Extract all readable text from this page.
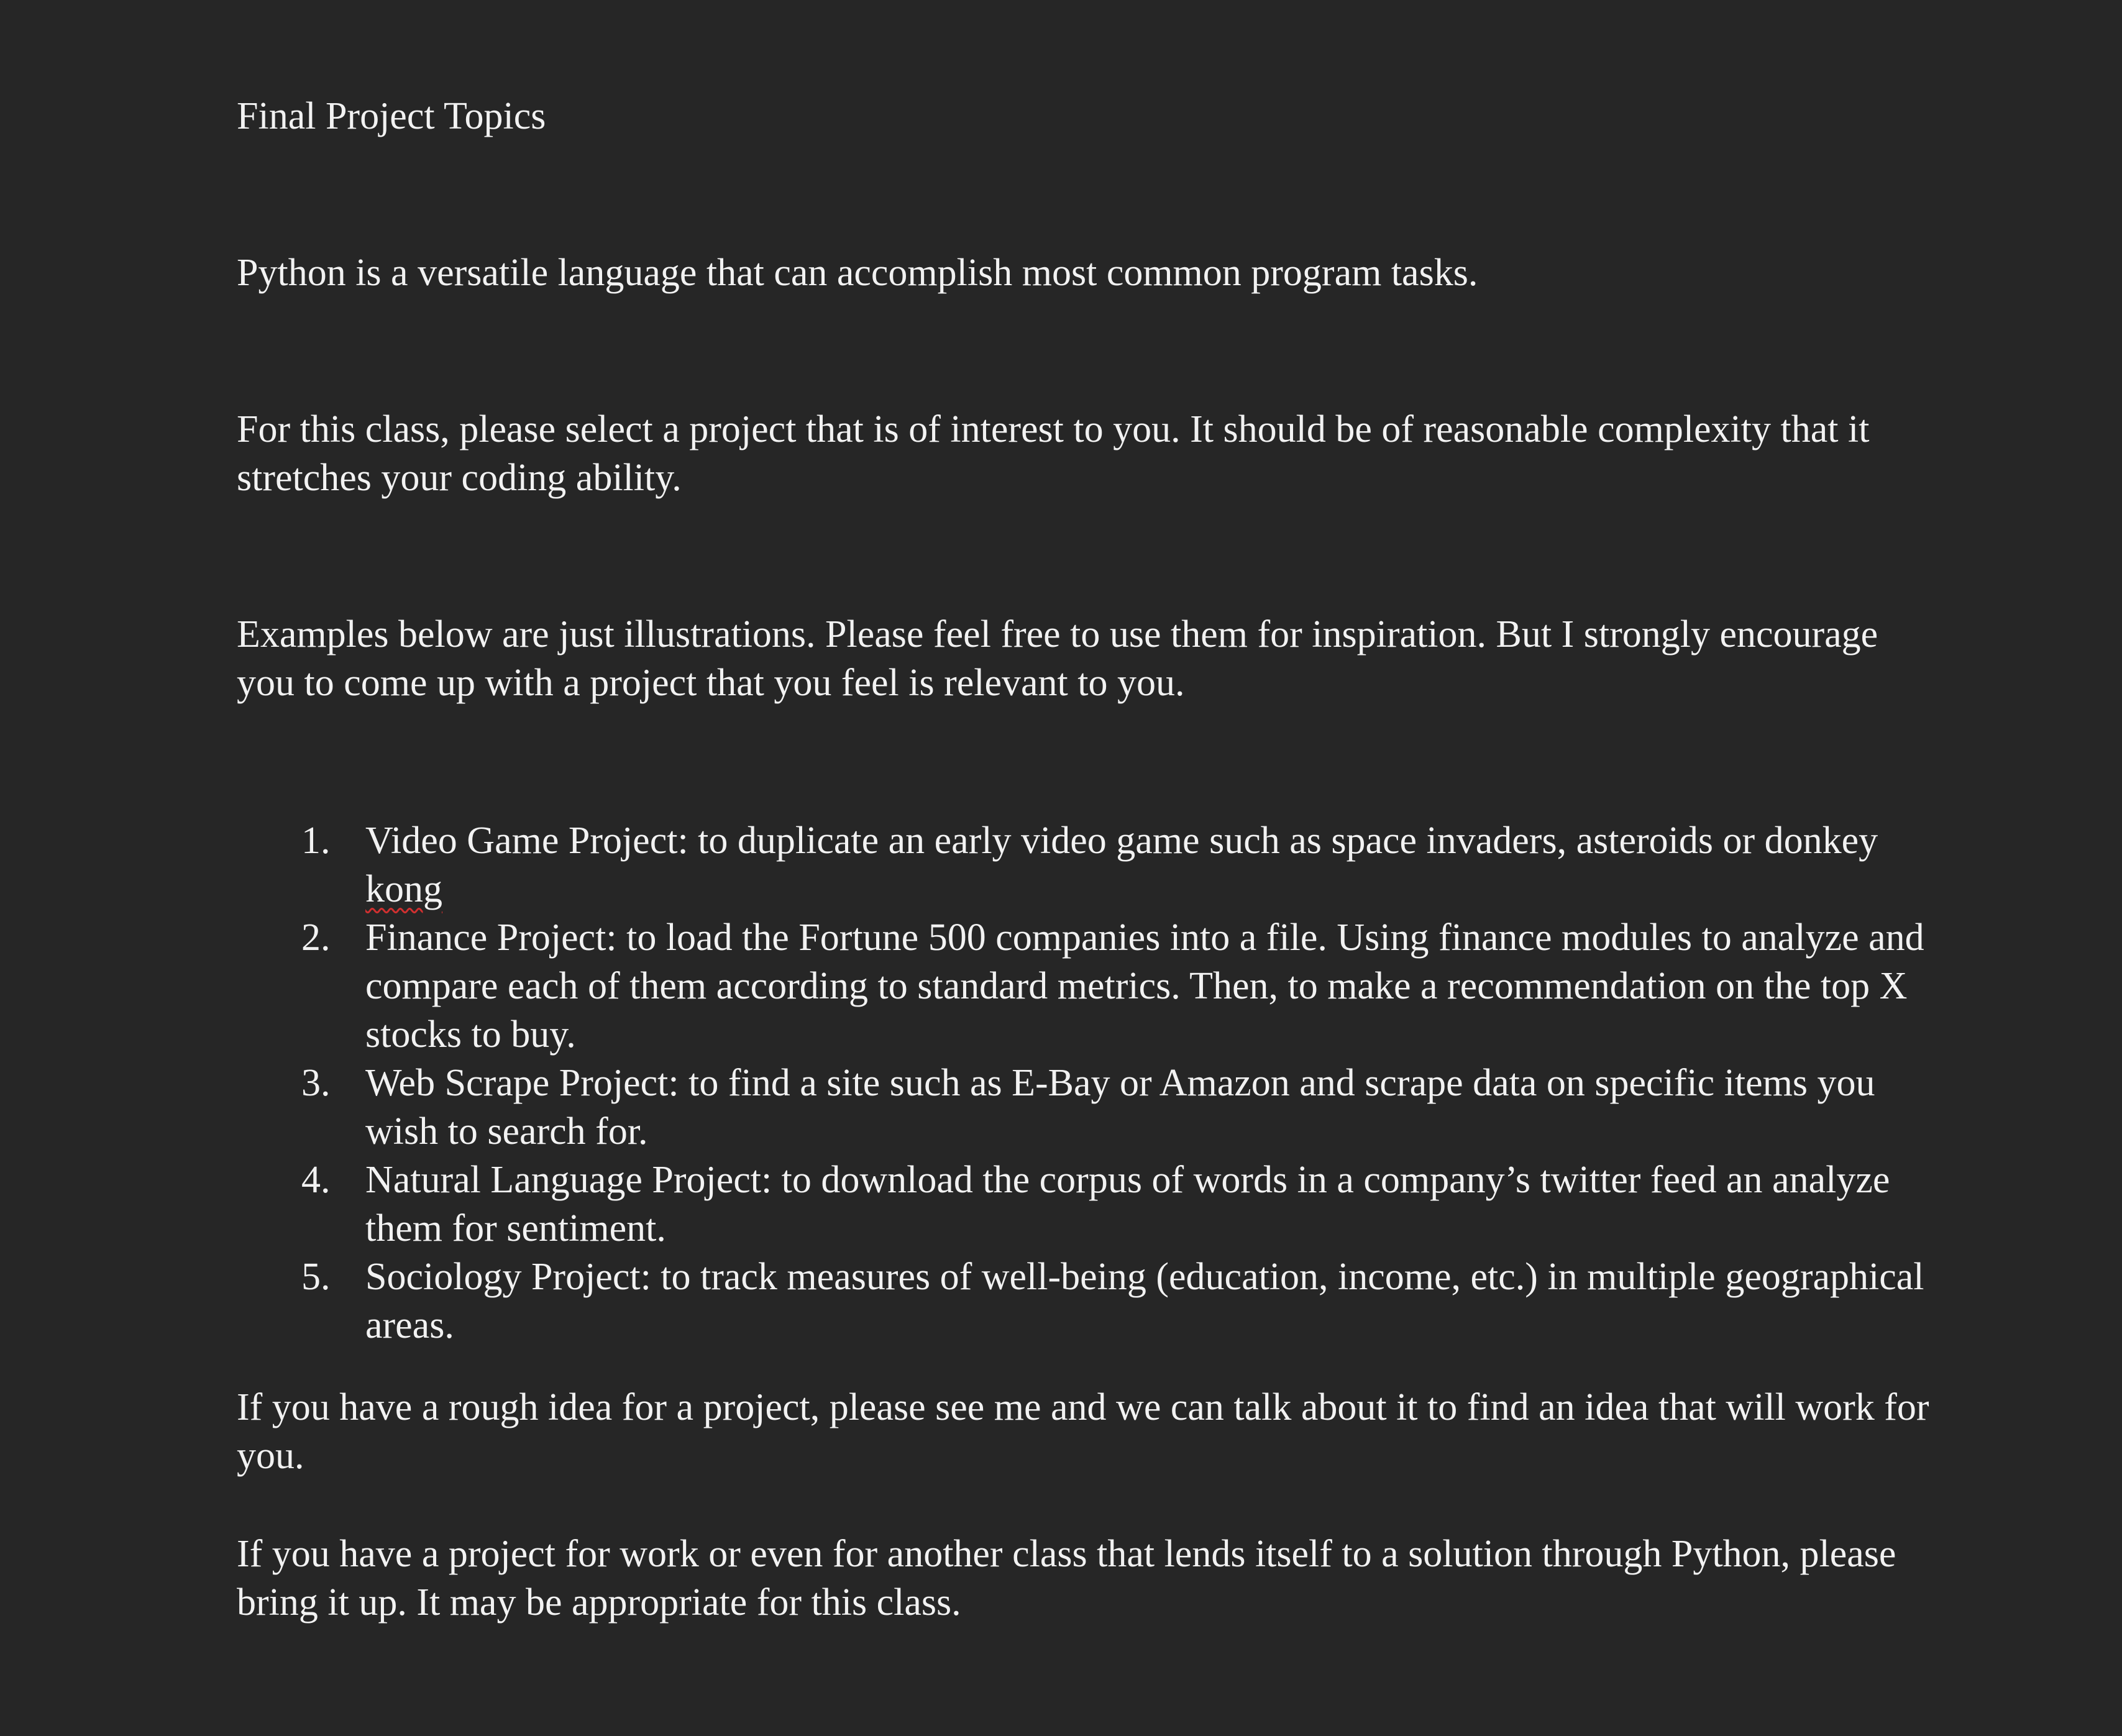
Final Project Topics

Python is a versatile language that can accomplish most common program tasks.

For this class, please select a project that is of interest to you. It should be of reasonable complexity that it stretches your coding ability.

Examples below are just illustrations. Please feel free to use them for inspiration. But I strongly encourage you to come up with a project that you feel is relevant to you.

1. Video Game Project: to duplicate an early video game such as space invaders, asteroids or donkey kong
2. Finance Project: to load the Fortune 500 companies into a file. Using finance modules to analyze and compare each of them according to standard metrics. Then, to make a recommendation on the top X stocks to buy.
3. Web Scrape Project: to find a site such as E-Bay or Amazon and scrape data on specific items you wish to search for.
4. Natural Language Project: to download the corpus of words in a company’s twitter feed an analyze them for sentiment.
5. Sociology Project: to track measures of well-being (education, income, etc.) in multiple geographical areas.

If you have a rough idea for a project, please see me and we can talk about it to find an idea that will work for you.

If you have a project for work or even for another class that lends itself to a solution through Python, please bring it up. It may be appropriate for this class.
